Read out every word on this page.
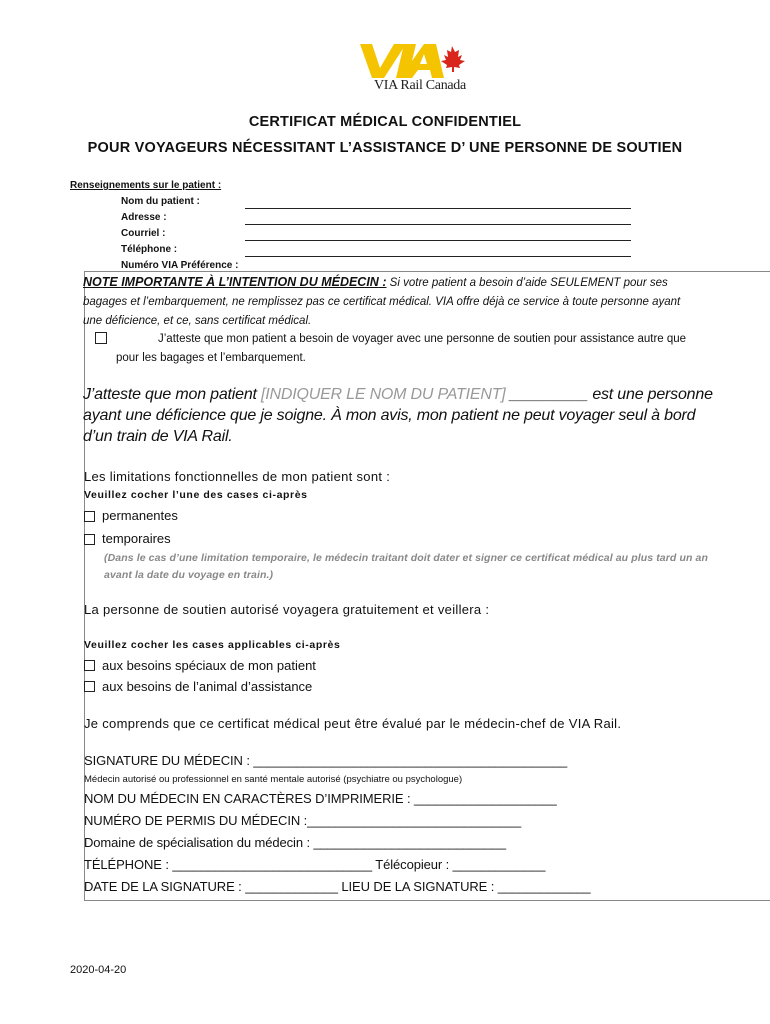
VIA Rail Canada
CERTIFICAT MÉDICAL CONFIDENTIEL
POUR VOYAGEURS NÉCESSITANT L’ASSISTANCE D’ UNE PERSONNE DE SOUTIEN
Renseignements sur le patient :
Nom du patient :
Adresse :
Courriel :
Téléphone :
Numéro VIA Préférence :
NOTE IMPORTANTE À L’INTENTION DU MÉDECIN : Si votre patient a besoin d’aide SEULEMENT pour ses bagages et l’embarquement, ne remplissez pas ce certificat médical. VIA offre déjà ce service à toute personne ayant une déficience, et ce, sans certificat médical.
J’atteste que mon patient a besoin de voyager avec une personne de soutien pour assistance autre que pour les bagages et l’embarquement.
J’atteste que mon patient [INDIQUER LE NOM DU PATIENT] _________ est une personne ayant une déficience que je soigne. À mon avis, mon patient ne peut voyager seul à bord d’un train de VIA Rail.
Les limitations fonctionnelles de mon patient sont :
Veuillez cocher l’une des cases ci-après
permanentes
temporaires
(Dans le cas d’une limitation temporaire, le médecin traitant doit dater et signer ce certificat médical au plus tard un an avant la date du voyage en train.)
La personne de soutien autorisé voyagera gratuitement et veillera :
Veuillez cocher les cases applicables ci-après
aux besoins spéciaux de mon patient
aux besoins de l’animal d’assistance
Je comprends que ce certificat médical peut être évalué par le médecin-chef de VIA Rail.
SIGNATURE DU MÉDECIN : ____________________________________________
Médecin autorisé ou professionnel en santé mentale autorisé (psychiatre ou psychologue)
NOM DU MÉDECIN EN CARACTÈRES D’IMPRIMERIE : ____________________
NUMÉRO DE PERMIS DU MÉDECIN :______________________________
Domaine de spécialisation du médecin : ___________________________
TÉLÉPHONE : ____________________________ Télécopieur : _____________
DATE DE LA SIGNATURE : _____________ LIEU DE LA SIGNATURE : _____________
2020-04-20
